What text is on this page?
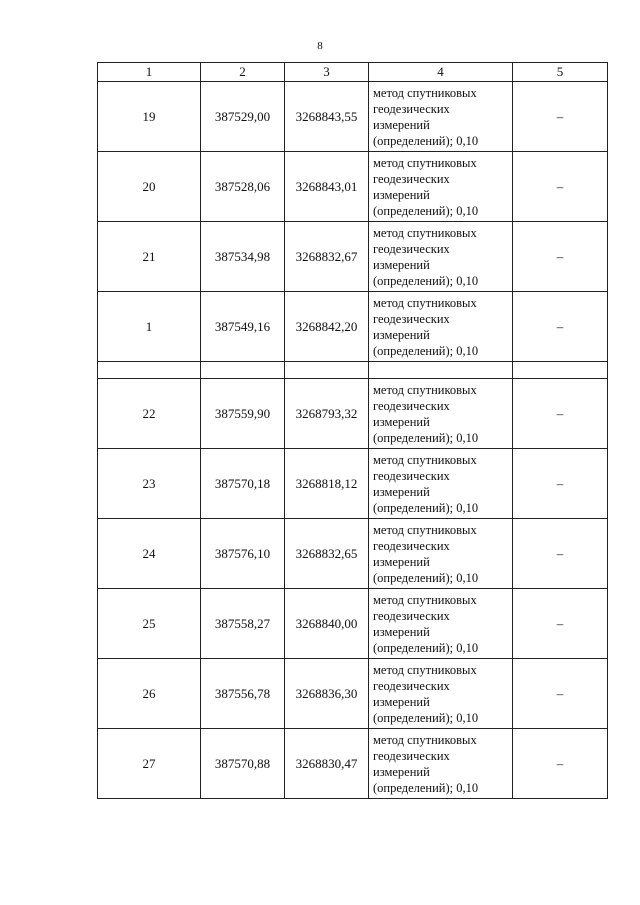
8
1	2	3	4	5
19	387529,00	3268843,55	метод спутниковых геодезических измерений (определений); 0,10	–
20	387528,06	3268843,01	метод спутниковых геодезических измерений (определений); 0,10	–
21	387534,98	3268832,67	метод спутниковых геодезических измерений (определений); 0,10	–
1	387549,16	3268842,20	метод спутниковых геодезических измерений (определений); 0,10	–

22	387559,90	3268793,32	метод спутниковых геодезических измерений (определений); 0,10	–
23	387570,18	3268818,12	метод спутниковых геодезических измерений (определений); 0,10	–
24	387576,10	3268832,65	метод спутниковых геодезических измерений (определений); 0,10	–
25	387558,27	3268840,00	метод спутниковых геодезических измерений (определений); 0,10	–
26	387556,78	3268836,30	метод спутниковых геодезических измерений (определений); 0,10	–
27	387570,88	3268830,47	метод спутниковых геодезических измерений (определений); 0,10	–
